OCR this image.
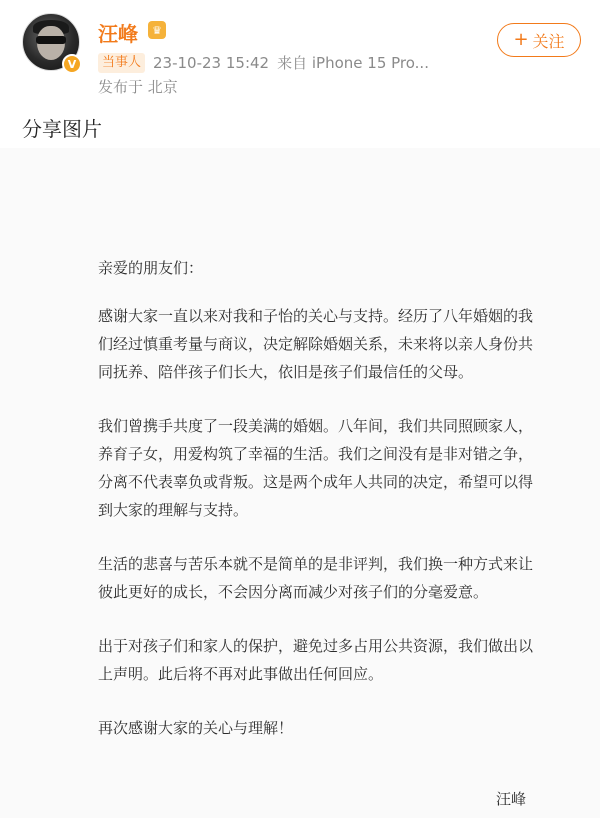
V
汪峰	♛
当事人 23-10-23 15:42 来自 iPhone 15 Pro...
发布于 北京
+ 关注
分享图片

亲爱的朋友们：

感谢大家一直以来对我和子怡的关心与支持。经历了八年婚姻的我们经过慎重考量与商议，决定解除婚姻关系，未来将以亲人身份共同抚养、陪伴孩子们长大，依旧是孩子们最信任的父母。

我们曾携手共度了一段美满的婚姻。八年间，我们共同照顾家人，养育子女，用爱构筑了幸福的生活。我们之间没有是非对错之争，分离不代表辜负或背叛。这是两个成年人共同的决定，希望可以得到大家的理解与支持。

生活的悲喜与苦乐本就不是简单的是非评判，我们换一种方式来让彼此更好的成长，不会因分离而减少对孩子们的分毫爱意。

出于对孩子们和家人的保护，避免过多占用公共资源，我们做出以上声明。此后将不再对此事做出任何回应。

再次感谢大家的关心与理解！

汪峰
